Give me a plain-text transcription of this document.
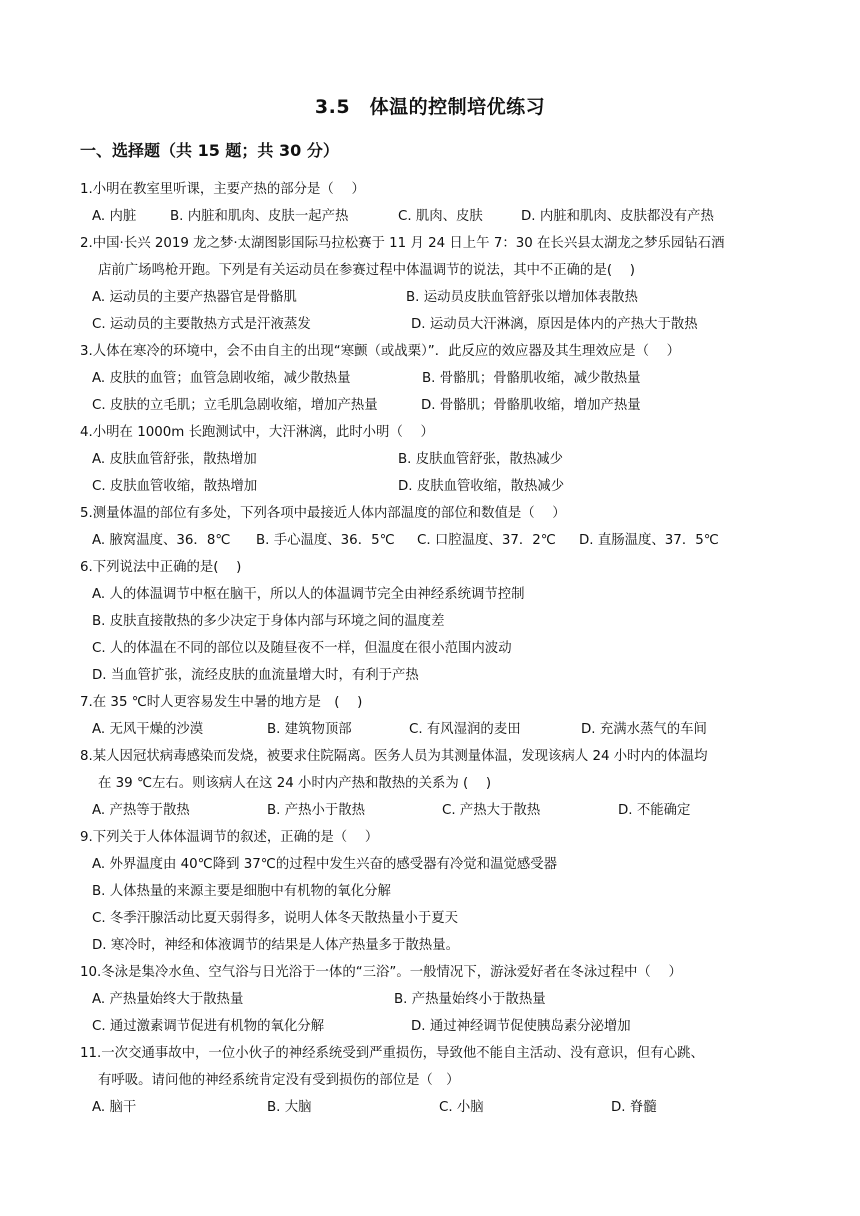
3.5　体温的控制培优练习
一、选择题（共 15 题；共 30 分）
1.小明在教室里听课，主要产热的部分是（　 ）
A. 内脏	B. 内脏和肌肉、皮肤一起产热	C. 肌肉、皮肤	D. 内脏和肌肉、皮肤都没有产热
2.中国·长兴 2019 龙之梦·太湖图影国际马拉松赛于 11 月 24 日上午 7：30 在长兴县太湖龙之梦乐园钻石酒
店前广场鸣枪开跑。下列是有关运动员在参赛过程中体温调节的说法，其中不正确的是(　 )
A. 运动员的主要产热器官是骨骼肌	B. 运动员皮肤血管舒张以增加体表散热
C. 运动员的主要散热方式是汗液蒸发	D. 运动员大汗淋漓，原因是体内的产热大于散热
3.人体在寒冷的环境中，会不由自主的出现“寒颤（或战栗）”．此反应的效应器及其生理效应是（　 ）
A. 皮肤的血管；血管急剧收缩，减少散热量	B. 骨骼肌；骨骼肌收缩，减少散热量
C. 皮肤的立毛肌；立毛肌急剧收缩，增加产热量	D. 骨骼肌；骨骼肌收缩，增加产热量
4.小明在 1000m 长跑测试中，大汗淋漓，此时小明（　 ）
A. 皮肤血管舒张，散热增加	B. 皮肤血管舒张，散热减少
C. 皮肤血管收缩，散热增加	D. 皮肤血管收缩，散热减少
5.测量体温的部位有多处，下列各项中最接近人体内部温度的部位和数值是（　 ）
A. 腋窝温度、36．8℃ B. 手心温度、36．5℃ C. 口腔温度、37．2℃ D. 直肠温度、37．5℃
6.下列说法中正确的是(　 )
A. 人的体温调节中枢在脑干，所以人的体温调节完全由神经系统调节控制
B. 皮肤直接散热的多少决定于身体内部与环境之间的温度差
C. 人的体温在不同的部位以及随昼夜不一样，但温度在很小范围内波动
D. 当血管扩张，流经皮肤的血流量增大时，有利于产热
7.在 35 ℃时人更容易发生中暑的地方是　(　 )
A. 无风干燥的沙漠	B. 建筑物顶部	C. 有风湿润的麦田	D. 充满水蒸气的车间
8.某人因冠状病毒感染而发烧，被要求住院隔离。医务人员为其测量体温，发现该病人 24 小时内的体温均
在 39 ℃左右。则该病人在这 24 小时内产热和散热的关系为 (　 )
A. 产热等于散热	B. 产热小于散热	C. 产热大于散热	D. 不能确定
9.下列关于人体体温调节的叙述，正确的是（　 ）
A. 外界温度由 40℃降到 37℃的过程中发生兴奋的感受器有冷觉和温觉感受器
B. 人体热量的来源主要是细胞中有机物的氧化分解
C. 冬季汗腺活动比夏天弱得多，说明人体冬天散热量小于夏天
D. 寒冷时，神经和体液调节的结果是人体产热量多于散热量。
10.冬泳是集冷水鱼、空气浴与日光浴于一体的“三浴”。一般情况下，游泳爱好者在冬泳过程中（　 ）
A. 产热量始终大于散热量	B. 产热量始终小于散热量
C. 通过激素调节促进有机物的氧化分解	D. 通过神经调节促使胰岛素分泌增加
11.一次交通事故中，一位小伙子的神经系统受到严重损伤，导致他不能自主活动、没有意识，但有心跳、
有呼吸。请问他的神经系统肯定没有受到损伤的部位是（　）
A. 脑干	B. 大脑	C. 小脑	D. 脊髓
